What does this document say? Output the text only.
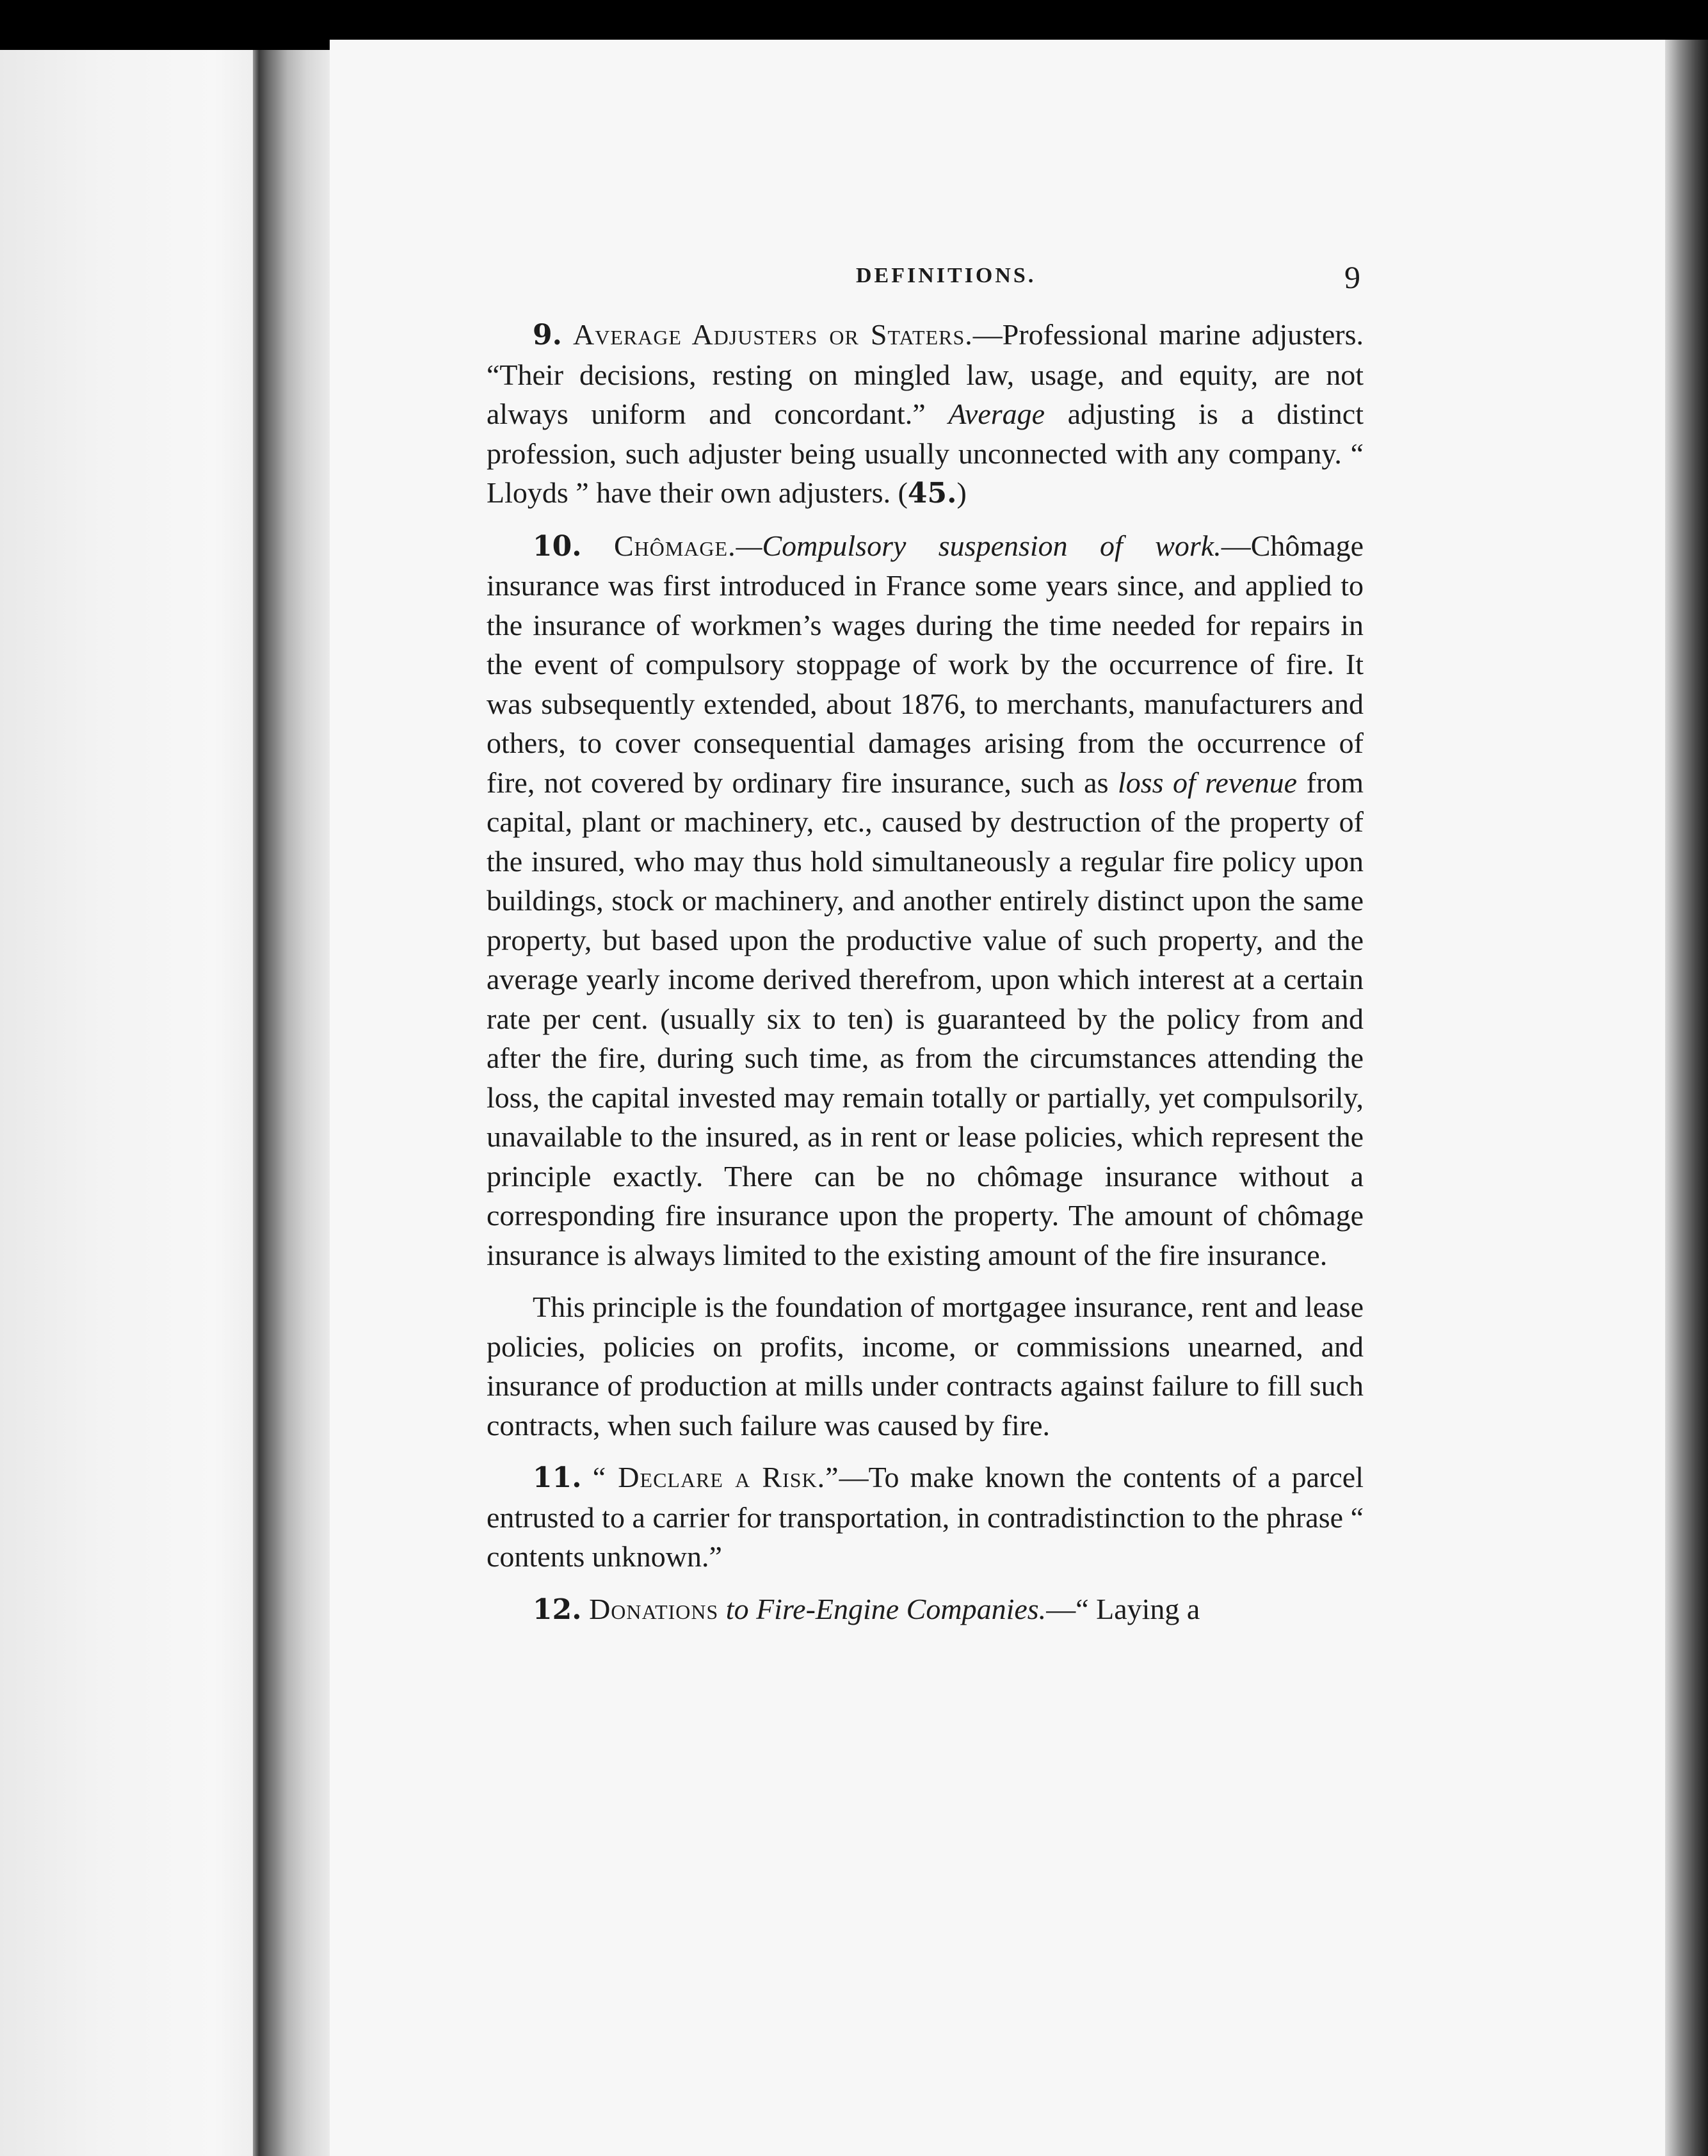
DEFINITIONS.	9

9. Average Adjusters or Staters.—Professional marine adjusters. “Their decisions, resting on mingled law, usage, and equity, are not always uniform and concordant.” Average adjusting is a distinct profession, such adjuster being usually unconnected with any company. “ Lloyds ” have their own adjusters. (45.)

10. Chômage.—Compulsory suspension of work.—Chômage insurance was first introduced in France some years since, and applied to the insurance of workmen’s wages during the time needed for repairs in the event of compulsory stoppage of work by the occurrence of fire. It was subsequently extended, about 1876, to merchants, manufacturers and others, to cover consequential damages arising from the occurrence of fire, not covered by ordinary fire insurance, such as loss of revenue from capital, plant or machinery, etc., caused by destruction of the property of the insured, who may thus hold simultaneously a regular fire policy upon buildings, stock or machinery, and another entirely distinct upon the same property, but based upon the productive value of such property, and the average yearly income derived therefrom, upon which interest at a certain rate per cent. (usually six to ten) is guaranteed by the policy from and after the fire, during such time, as from the circumstances attending the loss, the capital invested may remain totally or partially, yet compulsorily, unavailable to the insured, as in rent or lease policies, which represent the principle exactly. There can be no chômage insurance without a corresponding fire insurance upon the property. The amount of chômage insurance is always limited to the existing amount of the fire insurance.

This principle is the foundation of mortgagee insurance, rent and lease policies, policies on profits, income, or commissions unearned, and insurance of production at mills under contracts against failure to fill such contracts, when such failure was caused by fire.

11. “ Declare a Risk.”—To make known the contents of a parcel entrusted to a carrier for transportation, in contradistinction to the phrase “ contents unknown.”

12. Donations to Fire-Engine Companies.—“ Laying a
